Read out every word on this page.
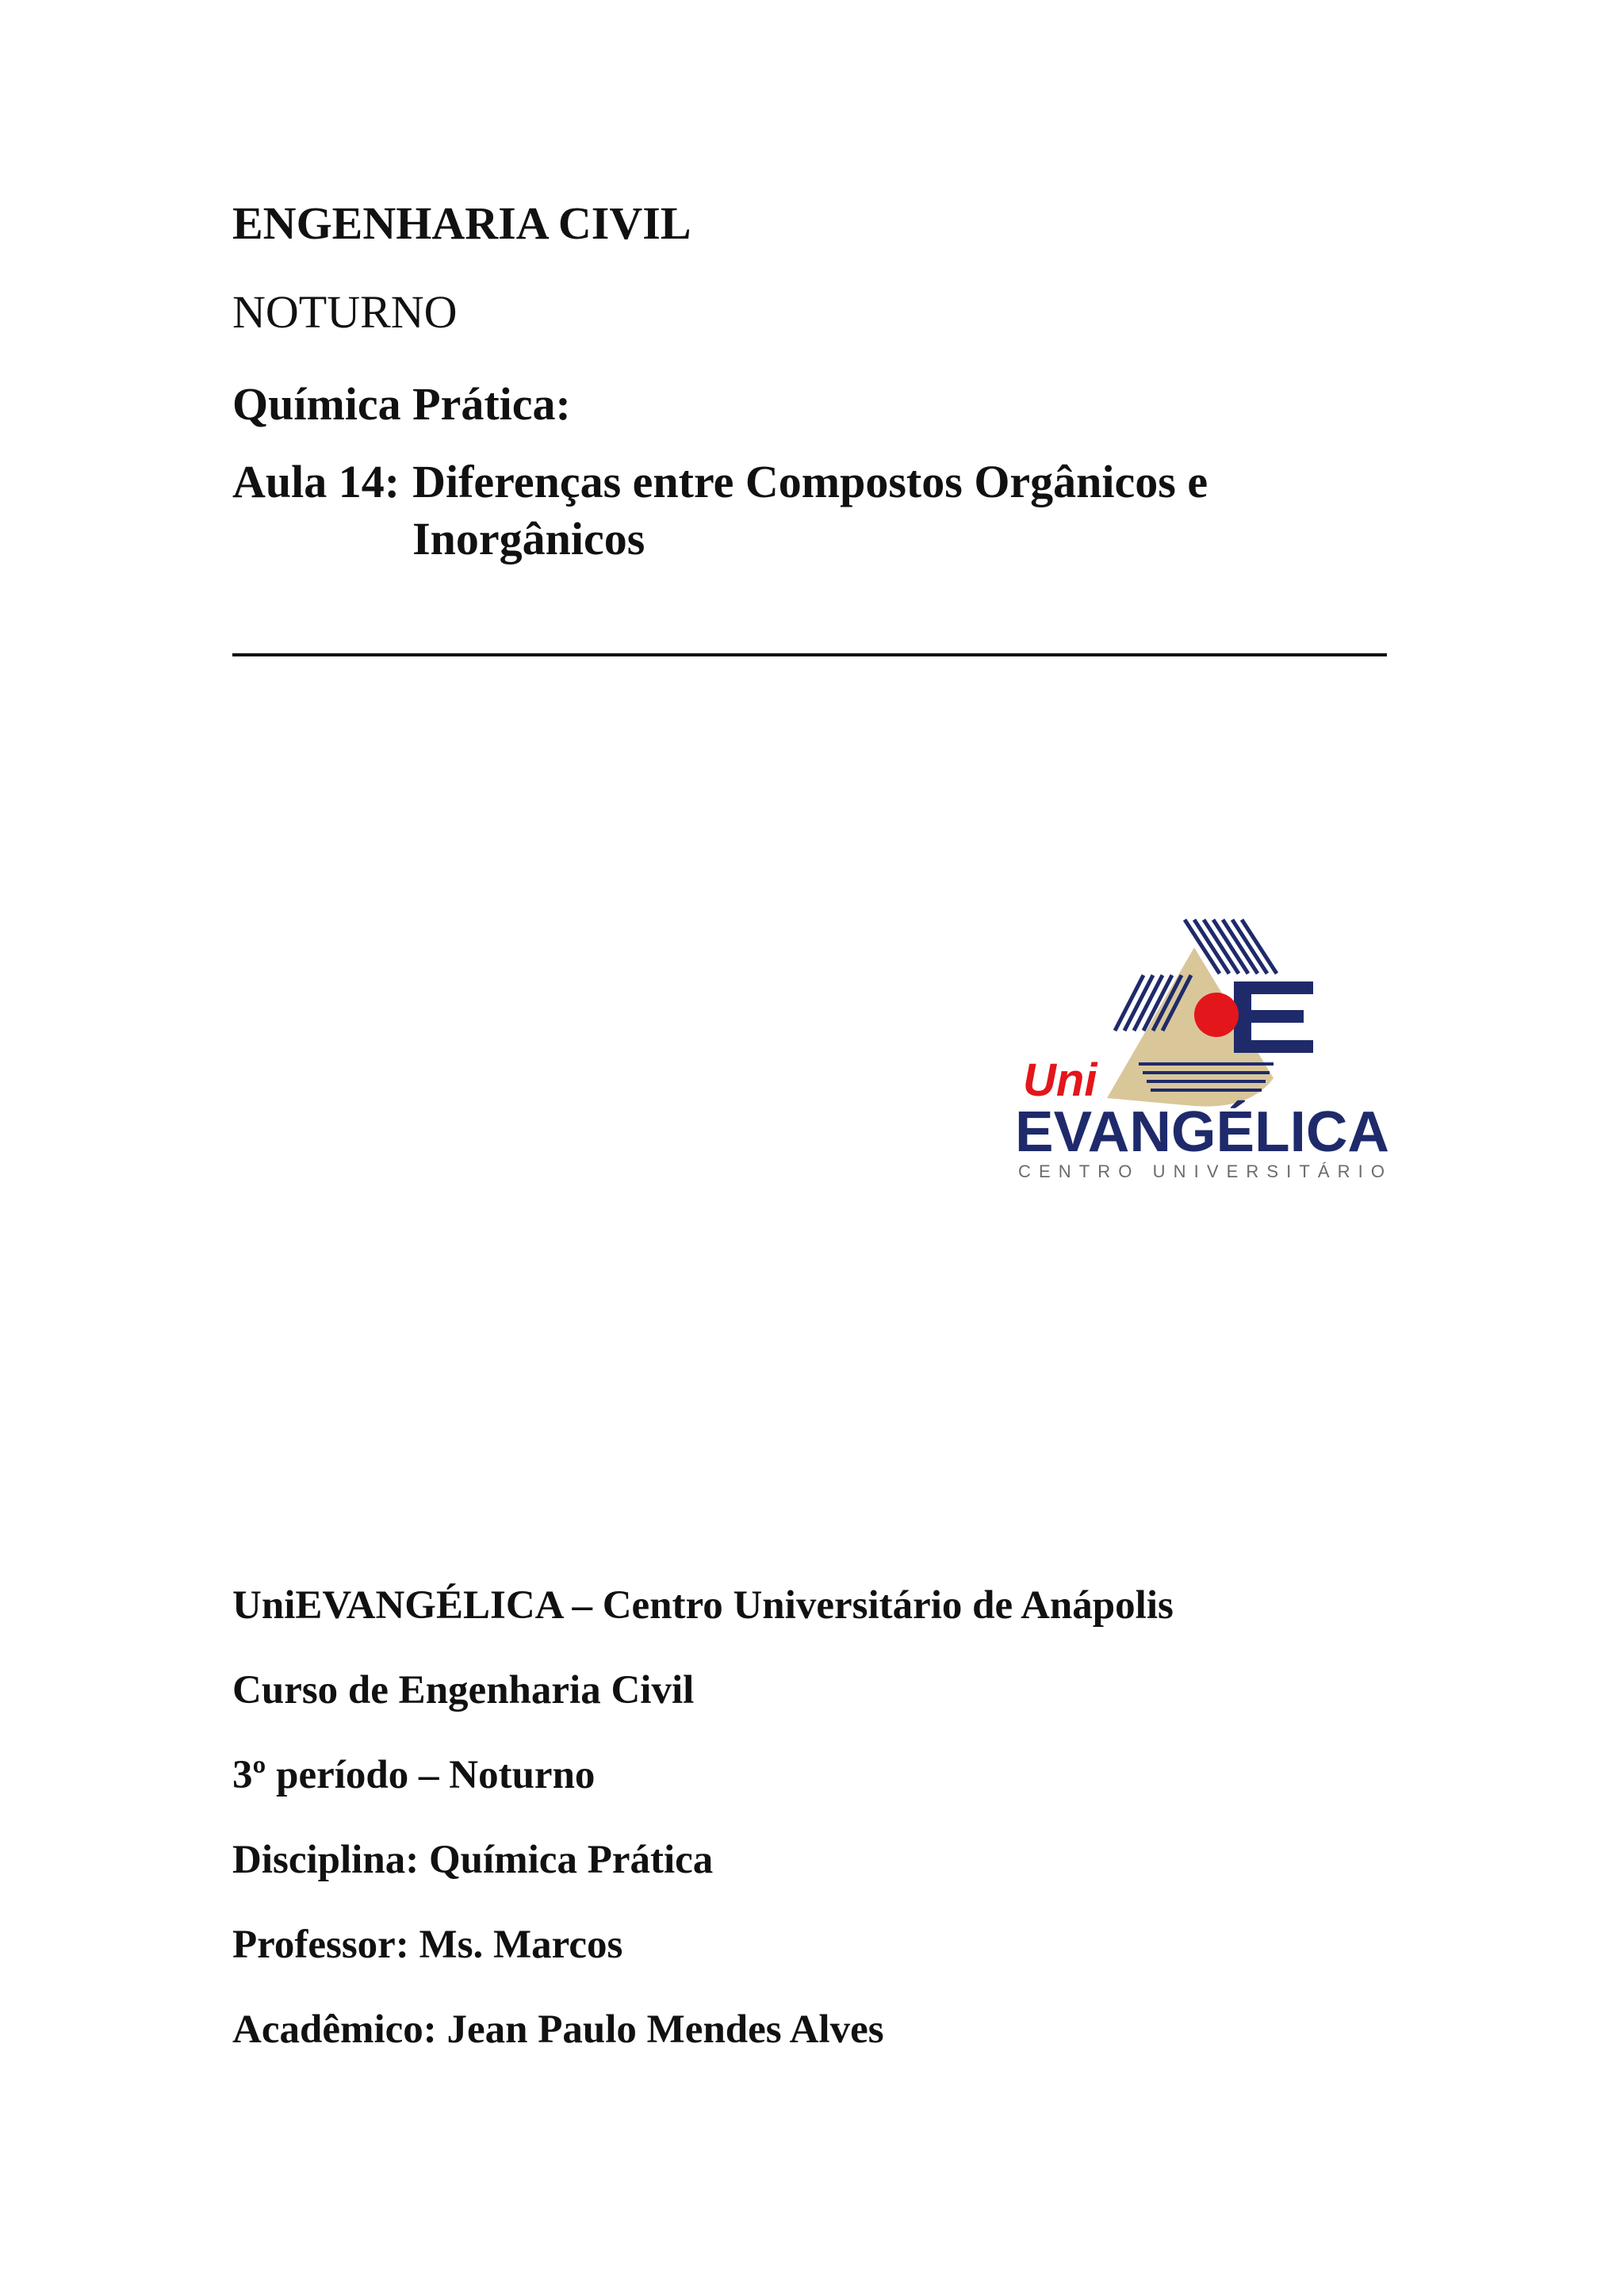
ENGENHARIA CIVIL

NOTURNO

Química Prática:

Aula 14: Diferenças entre Compostos Orgânicos e Inorgânicos
Uni
EVANGÉLICA
CENTRO UNIVERSITÁRIO

UniEVANGÉLICA – Centro Universitário de Anápolis

Curso de Engenharia Civil

3º período – Noturno

Disciplina: Química Prática

Professor: Ms. Marcos

Acadêmico: Jean Paulo Mendes Alves
